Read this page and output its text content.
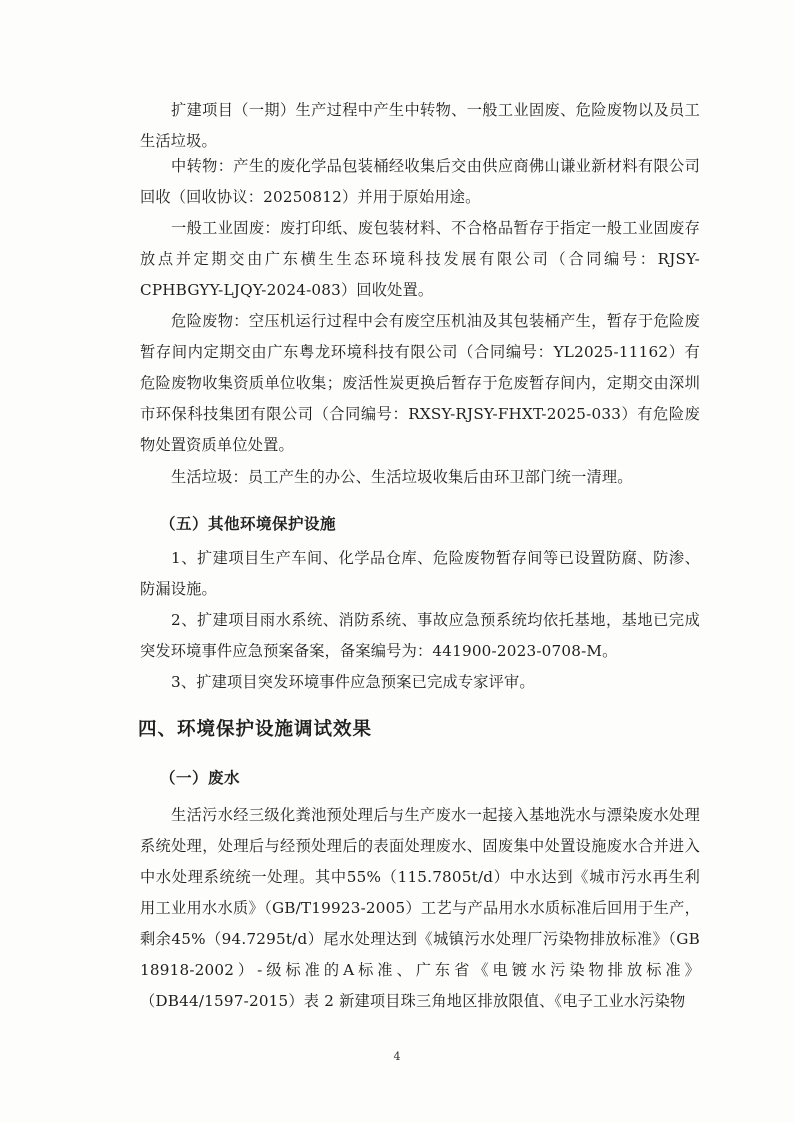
扩建项目（一期）生产过程中产生中转物、一般工业固废、危险废物以及员工生活垃圾。

中转物：产生的废化学品包装桶经收集后交由供应商佛山谦业新材料有限公司回收（回收协议：20250812）并用于原始用途。

一般工业固废：废打印纸、废包装材料、不合格品暂存于指定一般工业固废存放点并定期交由广东横生生态环境科技发展有限公司（合同编号：RJSY-CPHBGYY-LJQY-2024-083）回收处置。

危险废物：空压机运行过程中会有废空压机油及其包装桶产生，暂存于危险废暂存间内定期交由广东粤龙环境科技有限公司（合同编号：YL2025-11162）有危险废物收集资质单位收集；废活性炭更换后暂存于危废暂存间内，定期交由深圳市环保科技集团有限公司（合同编号：RXSY-RJSY-FHXT-2025-033）有危险废物处置资质单位处置。

生活垃圾：员工产生的办公、生活垃圾收集后由环卫部门统一清理。

（五）其他环境保护设施

1、扩建项目生产车间、化学品仓库、危险废物暂存间等已设置防腐、防渗、防漏设施。

2、扩建项目雨水系统、消防系统、事故应急预系统均依托基地，基地已完成突发环境事件应急预案备案，备案编号为：441900-2023-0708-M。

3、扩建项目突发环境事件应急预案已完成专家评审。

四、环境保护设施调试效果

（一）废水

生活污水经三级化粪池预处理后与生产废水一起接入基地洗水与漂染废水处理系统处理，处理后与经预处理后的表面处理废水、固废集中处置设施废水合并进入中水处理系统统一处理。其中55%（115.7805t/d）中水达到《城市污水再生利用工业用水水质》（GB/T19923-2005）工艺与产品用水水质标准后回用于生产，剩余45%（94.7295t/d）尾水处理达到《城镇污水处理厂污染物排放标准》（GB 18918-2002）-级标准的A标准、广东省《电镀水污染物排放标准》（DB44/1597-2015）表 2 新建项目珠三角地区排放限值、《电子工业水污染物

4
